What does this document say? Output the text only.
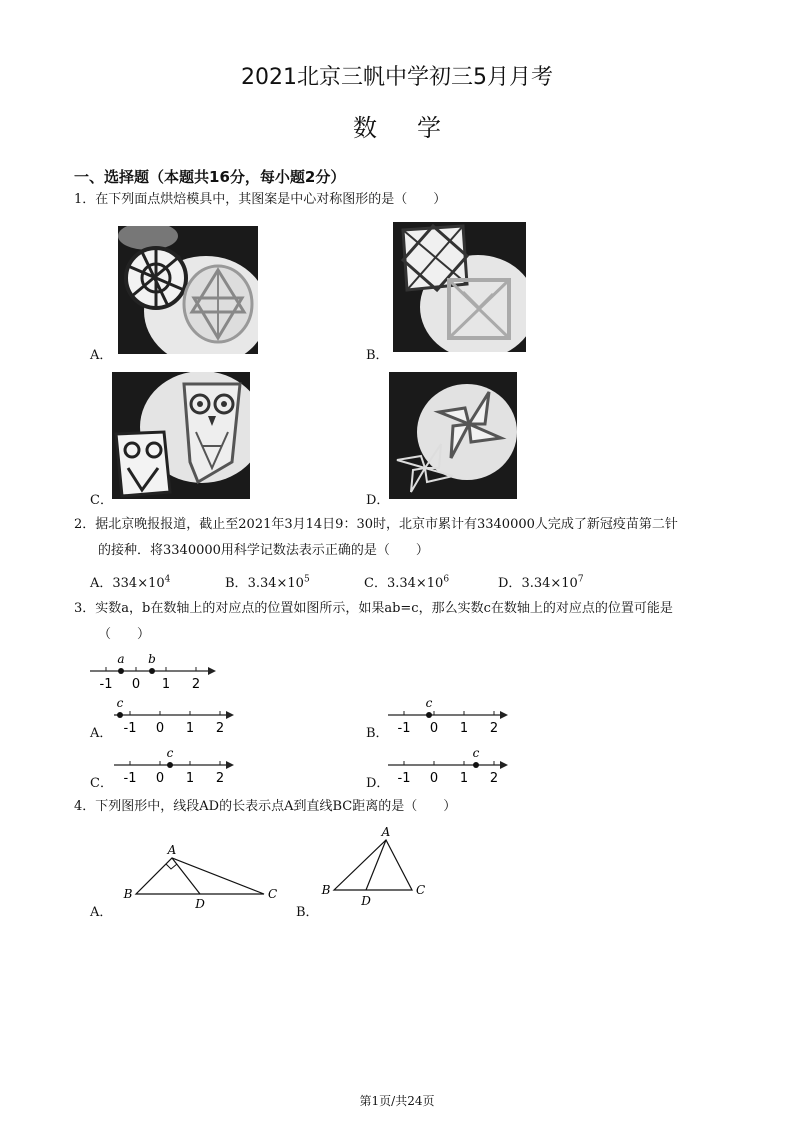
2021北京三帆中学初三5月月考
数学
一、选择题（本题共16分，每小题2分）
1．在下列面点烘焙模具中，其图案是中心对称图形的是（　　）
A．	B．
C．	D．
2．据北京晚报报道，截止至2021年3月14日9：30时，北京市累计有3340000人完成了新冠疫苗第二针
的接种．将3340000用科学记数法表示正确的是（　　）
A．$334\times 10^4$	B．$3.34\times 10^5$	C．$3.34\times 10^6$	D．$3.34\times 10^7$
3．实数a，b在数轴上的对应点的位置如图所示，如果ab=c，那么实数c在数轴上的对应点的位置可能是
（　　）
a b
-1 0 1 2
A．
c
-1 0 1 2	B．
c
-1 0 1 2
C．
c
-1 0 1 2	D．
c
-1 0 1 2
4．下列图形中，线段AD的长表示点A到直线BC距离的是（　　）
A．
A
B	C
D
B．
A
B	C
D
第1页/共24页
